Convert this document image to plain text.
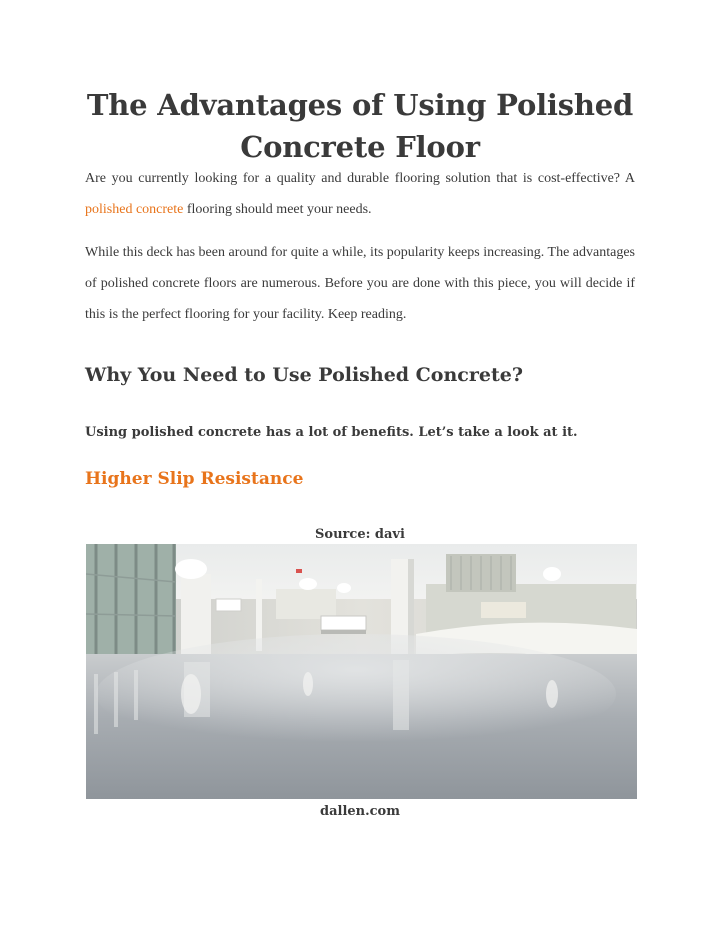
The Advantages of Using Polished Concrete Floor

Are you currently looking for a quality and durable flooring solution that is cost-effective? A polished concrete flooring should meet your needs.

While this deck has been around for quite a while, its popularity keeps increasing. The advantages of polished concrete floors are numerous. Before you are done with this piece, you will decide if this is the perfect flooring for your facility. Keep reading.

Why You Need to Use Polished Concrete?

Using polished concrete has a lot of benefits. Let’s take a look at it.

Higher Slip Resistance
Source: davi
dallen.com
